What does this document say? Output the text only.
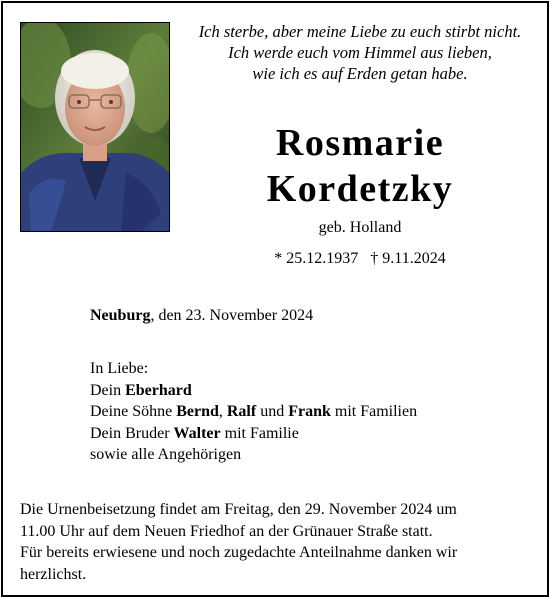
Ich sterbe, aber meine Liebe zu euch stirbt nicht.
Ich werde euch vom Himmel aus lieben,
wie ich es auf Erden getan habe.
Rosmarie
Kordetzky
geb. Holland
* 25.12.1937 † 9.11.2024
Neuburg, den 23. November 2024
In Liebe:
Dein Eberhard
Deine Söhne Bernd, Ralf und Frank mit Familien
Dein Bruder Walter mit Familie
sowie alle Angehörigen
Die Urnenbeisetzung findet am Freitag, den 29. November 2024 um
11.00 Uhr auf dem Neuen Friedhof an der Grünauer Straße statt.
Für bereits erwiesene und noch zugedachte Anteilnahme danken wir
herzlichst.
